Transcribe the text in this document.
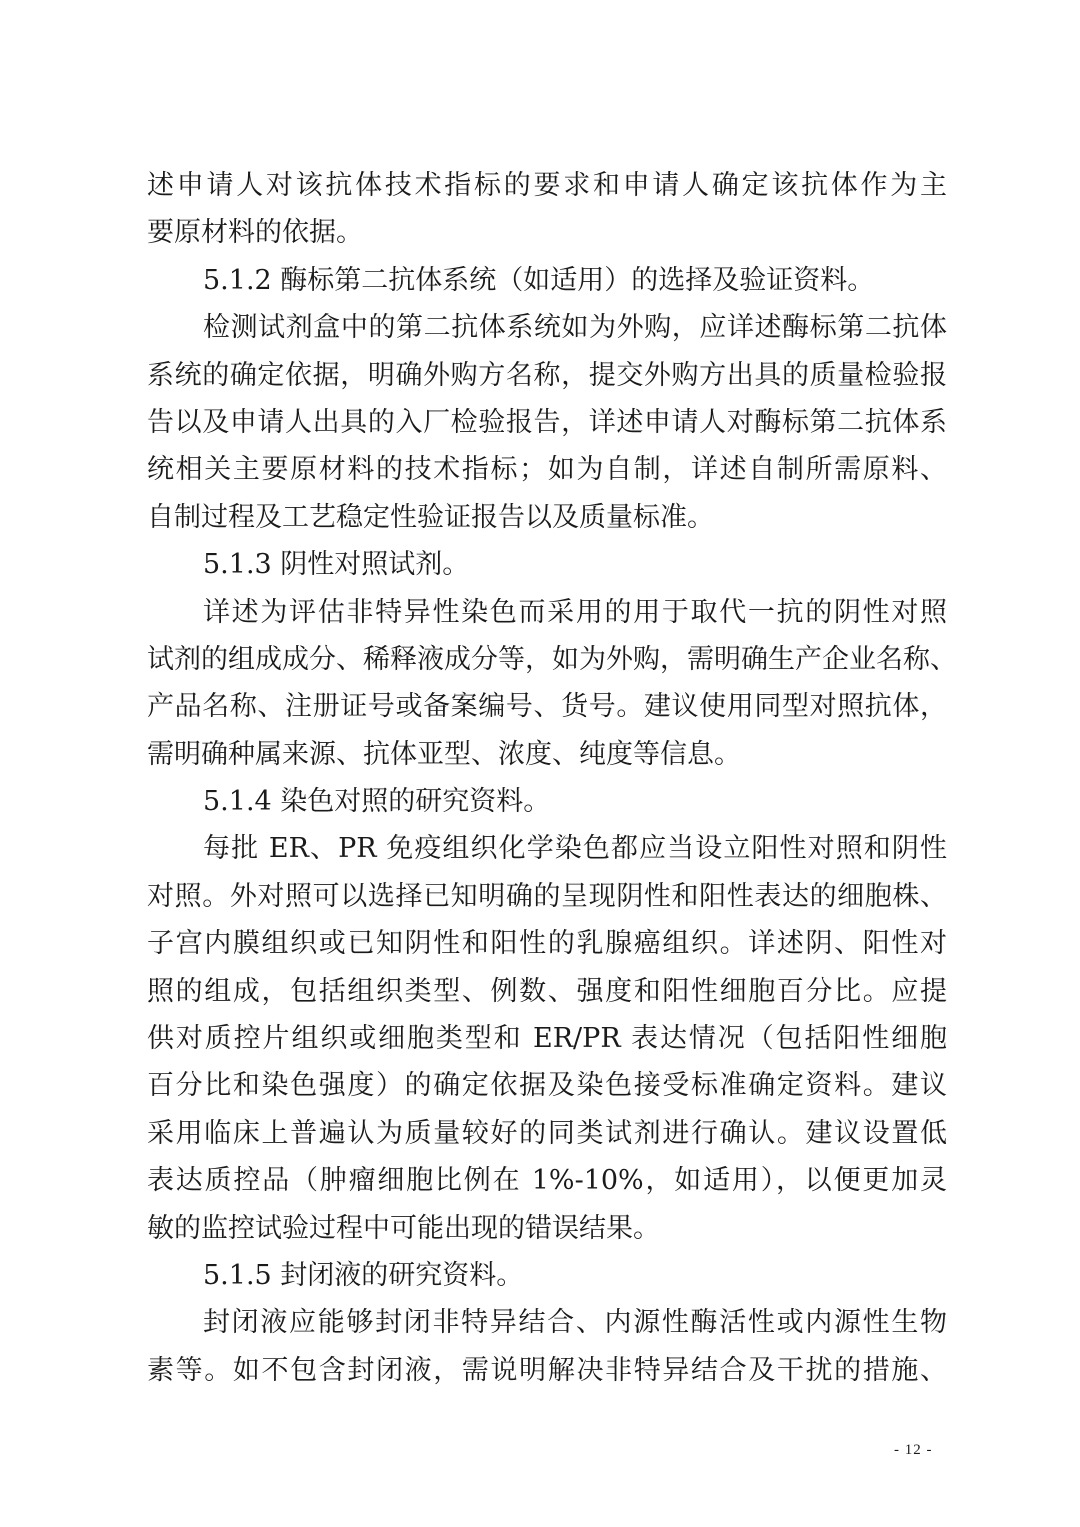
述申请人对该抗体技术指标的要求和申请人确定该抗体作为主
要原材料的依据。
5.1.2 酶标第二抗体系统（如适用）的选择及验证资料。
检测试剂盒中的第二抗体系统如为外购，应详述酶标第二抗体
系统的确定依据，明确外购方名称，提交外购方出具的质量检验报
告以及申请人出具的入厂检验报告，详述申请人对酶标第二抗体系
统相关主要原材料的技术指标；如为自制，详述自制所需原料、
自制过程及工艺稳定性验证报告以及质量标准。
5.1.3 阴性对照试剂。
详述为评估非特异性染色而采用的用于取代一抗的阴性对照
试剂的组成成分、稀释液成分等，如为外购，需明确生产企业名称、
产品名称、注册证号或备案编号、货号。建议使用同型对照抗体，
需明确种属来源、抗体亚型、浓度、纯度等信息。
5.1.4 染色对照的研究资料。
每批 ER、PR 免疫组织化学染色都应当设立阳性对照和阴性
对照。外对照可以选择已知明确的呈现阴性和阳性表达的细胞株、
子宫内膜组织或已知阴性和阳性的乳腺癌组织。详述阴、阳性对
照的组成，包括组织类型、例数、强度和阳性细胞百分比。应提
供对质控片组织或细胞类型和 ER/PR 表达情况（包括阳性细胞
百分比和染色强度）的确定依据及染色接受标准确定资料。建议
采用临床上普遍认为质量较好的同类试剂进行确认。建议设置低
表达质控品（肿瘤细胞比例在 1%-10%，如适用），以便更加灵
敏的监控试验过程中可能出现的错误结果。
5.1.5 封闭液的研究资料。
封闭液应能够封闭非特异结合、内源性酶活性或内源性生物
素等。如不包含封闭液，需说明解决非特异结合及干扰的措施、
- 12 -
